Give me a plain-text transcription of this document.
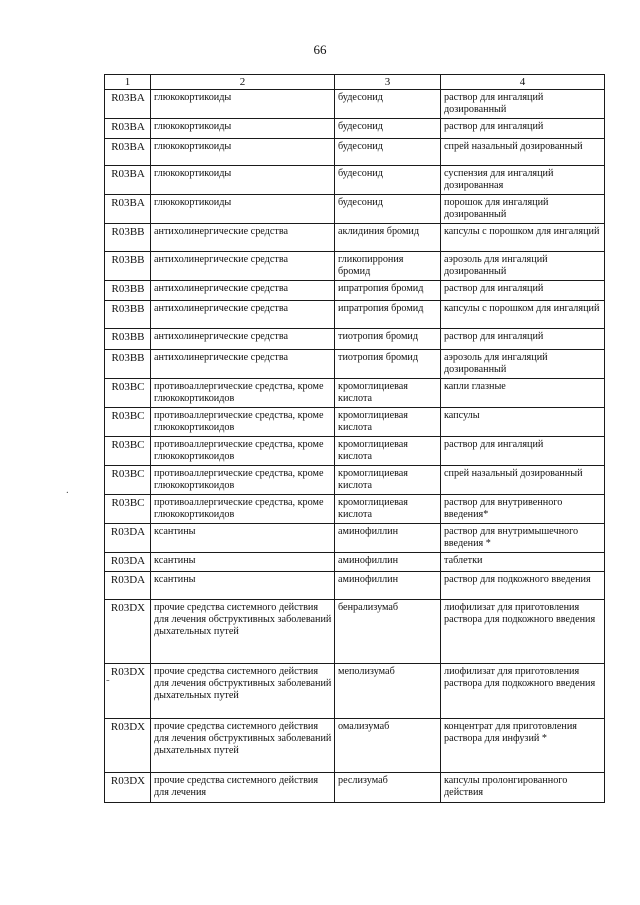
66
.
-
1	2	3	4
R03BA	глюкокортикоиды	будесонид	раствор для ингаляций дозированный
R03BA	глюкокортикоиды	будесонид	раствор для ингаляций
R03BA	глюкокортикоиды	будесонид	спрей назальный дозированный
R03BA	глюкокортикоиды	будесонид	суспензия для ингаляций дозированная
R03BA	глюкокортикоиды	будесонид	порошок для ингаляций дозированный
R03BB	антихолинергические средства	аклидиния бромид	капсулы с порошком для ингаляций
R03BB	антихолинергические средства	гликопиррония бромид	аэрозоль для ингаляций дозированный
R03BB	антихолинергические средства	ипратропия бромид	раствор для ингаляций
R03BB	антихолинергические средства	ипратропия бромид	капсулы с порошком для ингаляций
R03BB	антихолинергические средства	тиотропия бромид	раствор для ингаляций
R03BB	антихолинергические средства	тиотропия бромид	аэрозоль для ингаляций дозированный
R03BC	противоаллергические средства, кроме глюкокортикоидов	кромоглициевая кислота	капли глазные
R03BC	противоаллергические средства, кроме глюкокортикоидов	кромоглициевая кислота	капсулы
R03BC	противоаллергические средства, кроме глюкокортикоидов	кромоглициевая кислота	раствор для ингаляций
R03BC	противоаллергические средства, кроме глюкокортикоидов	кромоглициевая кислота	спрей назальный дозированный
R03BC	противоаллергические средства, кроме глюкокортикоидов	кромоглициевая кислота	раствор для внутривенного введения*
R03DA	ксантины	аминофиллин	раствор для внутримышечного введения *
R03DA	ксантины	аминофиллин	таблетки
R03DA	ксантины	аминофиллин	раствор для подкожного введения
R03DX	прочие средства системного действия для лечения обструктивных заболеваний дыхательных путей	бенрализумаб	лиофилизат для приготовления раствора для подкожного введения
R03DX	прочие средства системного действия для лечения обструктивных заболеваний дыхательных путей	меполизумаб	лиофилизат для приготовления раствора для подкожного введения
R03DX	прочие средства системного действия для лечения обструктивных заболеваний дыхательных путей	омализумаб	концентрат для приготовления раствора для инфузий *
R03DX	прочие средства системного действия для лечения	реслизумаб	капсулы пролонгированного действия
